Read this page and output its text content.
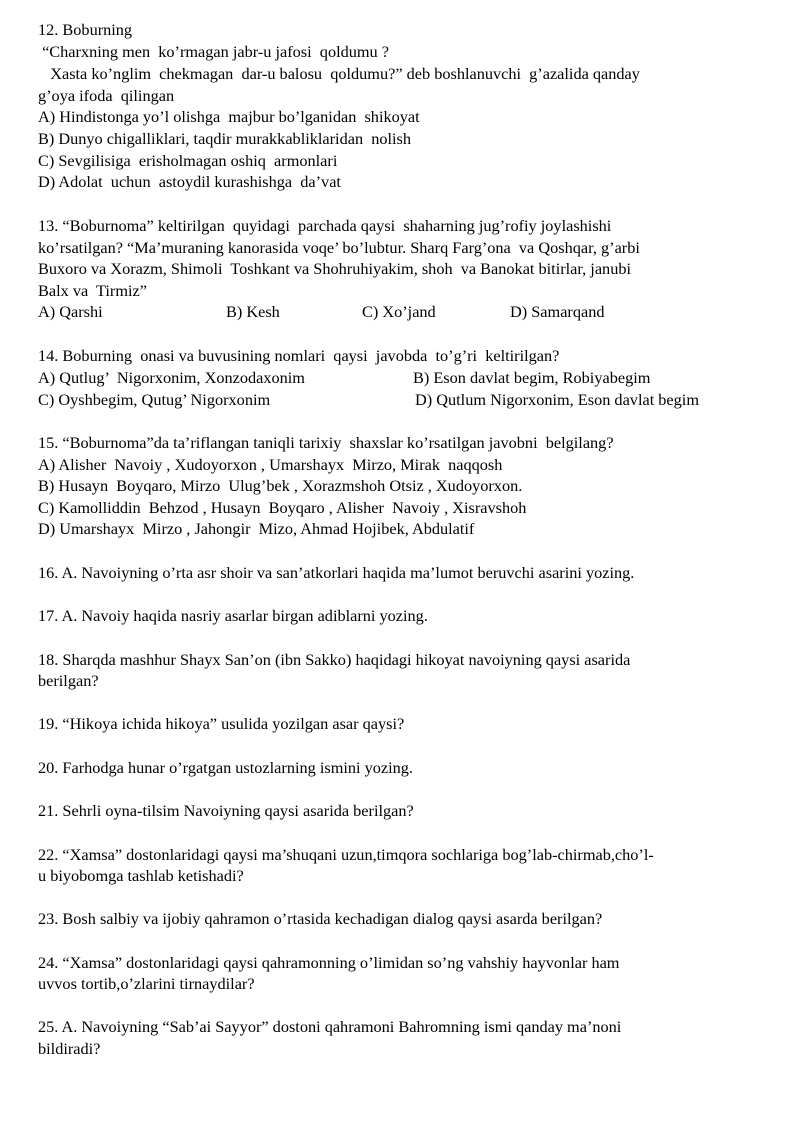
12. Boburning
“Charxning men  ko’rmagan jabr-u jafosi  qoldumu ?
Xasta ko’nglim  chekmagan  dar-u balosu  qoldumu?” deb boshlanuvchi  g’azalida qanday
g’oya ifoda  qilingan
A) Hindistonga yo’l olishga  majbur bo’lganidan  shikoyat
B) Dunyo chigalliklari, taqdir murakkabliklaridan  nolish
C) Sevgilisiga  erisholmagan oshiq  armonlari
D) Adolat  uchun  astoydil kurashishga  da’vat
13. “Boburnoma” keltirilgan  quyidagi  parchada qaysi  shaharning jug’rofiy joylashishi
ko’rsatilgan? “Ma’muraning kanorasida voqe’ bo’lubtur. Sharq Farg’ona  va Qoshqar, g’arbi
Buxoro va Xorazm, Shimoli  Toshkant va Shohruhiyakim, shoh  va Banokat bitirlar, janubi
Balx va  Tirmiz”

A) Qarshi

	B) Kesh

	C) Xo’jand

	D) Samarqand

14. Boburning  onasi va buvusining nomlari  qaysi  javobda  to’g’ri  keltirilgan?

A) Qutlug’  Nigorxonim, Xonzodaxonim

	B) Eson davlat begim, Robiyabegim

C) Oyshbegim, Qutug’ Nigorxonim

	D) Qutlum Nigorxonim, Eson davlat begim

15. “Boburnoma”da ta’riflangan taniqli tarixiy  shaxslar ko’rsatilgan javobni  belgilang?
A) Alisher  Navoiy , Xudoyorxon , Umarshayx  Mirzo, Mirak  naqqosh
B) Husayn  Boyqaro, Mirzo  Ulug’bek , Xorazmshoh Otsiz , Xudoyorxon.
C) Kamolliddin  Behzod , Husayn  Boyqaro , Alisher  Navoiy , Xisravshoh
D) Umarshayx  Mirzo , Jahongir  Mizo, Ahmad Hojibek, Abdulatif
16. A. Navoiyning o’rta asr shoir va san’atkorlari haqida ma’lumot beruvchi asarini yozing.
17. A. Navoiy haqida nasriy asarlar birgan adiblarni yozing.
18. Sharqda mashhur Shayx San’on (ibn Sakko) haqidagi hikoyat navoiyning qaysi asarida
berilgan?
19. “Hikoya ichida hikoya” usulida yozilgan asar qaysi?
20. Farhodga hunar o’rgatgan ustozlarning ismini yozing.
21. Sehrli oyna-tilsim Navoiyning qaysi asarida berilgan?
22. “Xamsa” dostonlaridagi qaysi ma’shuqani uzun,timqora sochlariga bog’lab-chirmab,cho’l-
u biyobomga tashlab ketishadi?
23. Bosh salbiy va ijobiy qahramon o’rtasida kechadigan dialog qaysi asarda berilgan?
24. “Xamsa” dostonlaridagi qaysi qahramonning o’limidan so’ng vahshiy hayvonlar ham
uvvos tortib,o’zlarini tirnaydilar?
25. A. Navoiyning “Sab’ai Sayyor” dostoni qahramoni Bahromning ismi qanday ma’noni
bildiradi?
